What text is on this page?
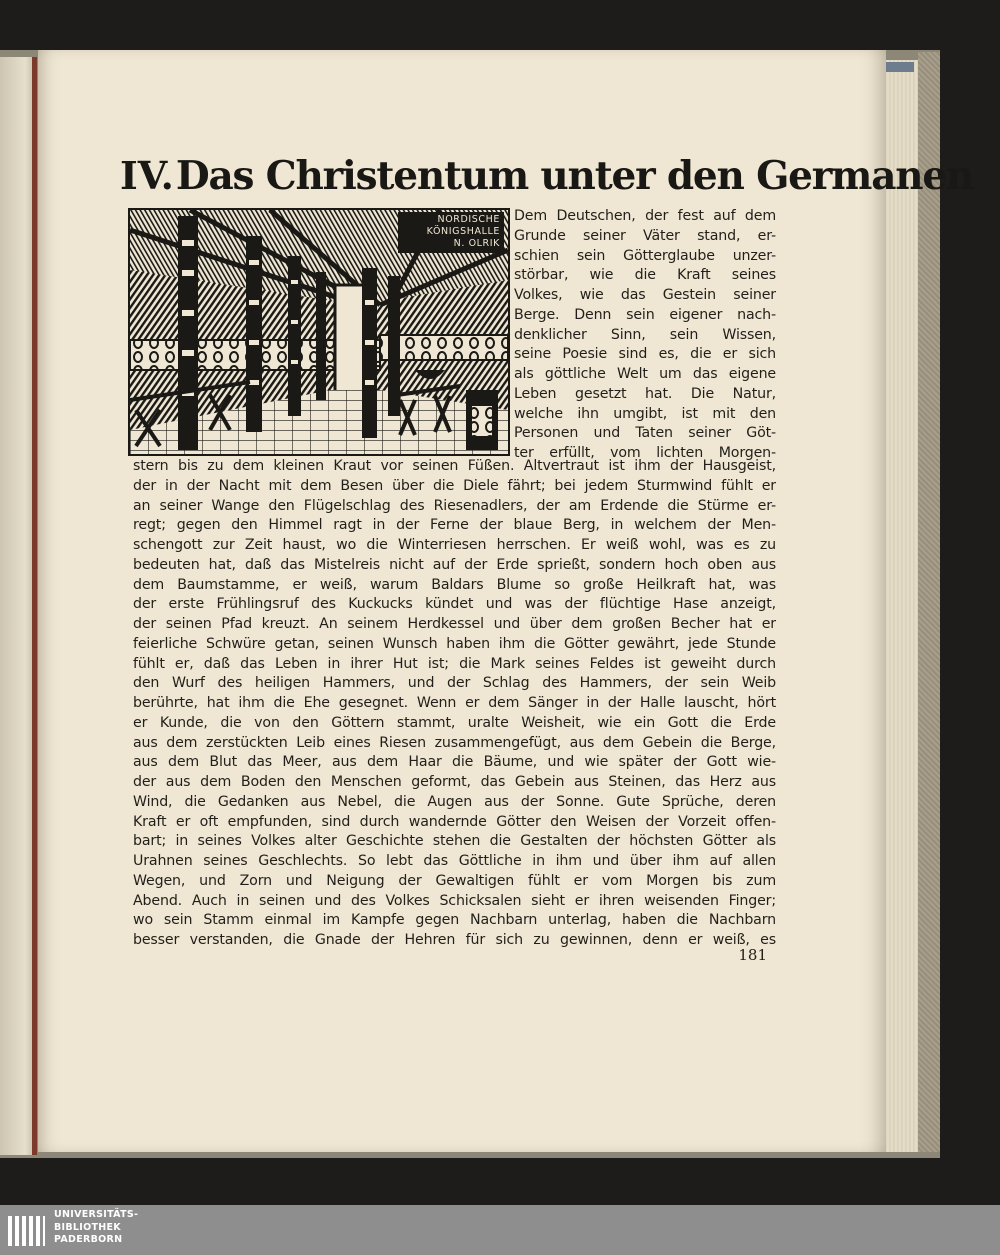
IV.Das Christentum unter den Germanen
NORDISCHE
KÖNIGSHALLE
N. OLRIK
Dem Deutschen, der fest auf dem
Grunde seiner Väter stand, er-
schien sein Götterglaube unzer-
störbar, wie die Kraft seines
Volkes, wie das Gestein seiner
Berge. Denn sein eigener nach-
denklicher Sinn, sein Wissen,
seine Poesie sind es, die er sich
als göttliche Welt um das eigene
Leben gesetzt hat. Die Natur,
welche ihn umgibt, ist mit den
Personen und Taten seiner Göt-
ter erfüllt, vom lichten Morgen-
stern bis zu dem kleinen Kraut vor seinen Füßen. Altvertraut ist ihm der Hausgeist,
der in der Nacht mit dem Besen über die Diele fährt; bei jedem Sturmwind fühlt er
an seiner Wange den Flügelschlag des Riesenadlers, der am Erdende die Stürme er-
regt; gegen den Himmel ragt in der Ferne der blaue Berg, in welchem der Men-
schengott zur Zeit haust, wo die Winterriesen herrschen. Er weiß wohl, was es zu
bedeuten hat, daß das Mistelreis nicht auf der Erde sprießt, sondern hoch oben aus
dem Baumstamme, er weiß, warum Baldars Blume so große Heilkraft hat, was
der erste Frühlingsruf des Kuckucks kündet und was der flüchtige Hase anzeigt,
der seinen Pfad kreuzt. An seinem Herdkessel und über dem großen Becher hat er
feierliche Schwüre getan, seinen Wunsch haben ihm die Götter gewährt, jede Stunde
fühlt er, daß das Leben in ihrer Hut ist; die Mark seines Feldes ist geweiht durch
den Wurf des heiligen Hammers, und der Schlag des Hammers, der sein Weib
berührte, hat ihm die Ehe gesegnet. Wenn er dem Sänger in der Halle lauscht, hört
er Kunde, die von den Göttern stammt, uralte Weisheit, wie ein Gott die Erde
aus dem zerstückten Leib eines Riesen zusammengefügt, aus dem Gebein die Berge,
aus dem Blut das Meer, aus dem Haar die Bäume, und wie später der Gott wie-
der aus dem Boden den Menschen geformt, das Gebein aus Steinen, das Herz aus
Wind, die Gedanken aus Nebel, die Augen aus der Sonne. Gute Sprüche, deren
Kraft er oft empfunden, sind durch wandernde Götter den Weisen der Vorzeit offen-
bart; in seines Volkes alter Geschichte stehen die Gestalten der höchsten Götter als
Urahnen seines Geschlechts. So lebt das Göttliche in ihm und über ihm auf allen
Wegen, und Zorn und Neigung der Gewaltigen fühlt er vom Morgen bis zum
Abend. Auch in seinen und des Volkes Schicksalen sieht er ihren weisenden Finger;
wo sein Stamm einmal im Kampfe gegen Nachbarn unterlag, haben die Nachbarn
besser verstanden, die Gnade der Hehren für sich zu gewinnen, denn er weiß, es
181
UNIVERSITÄTS-
BIBLIOTHEK
PADERBORN
